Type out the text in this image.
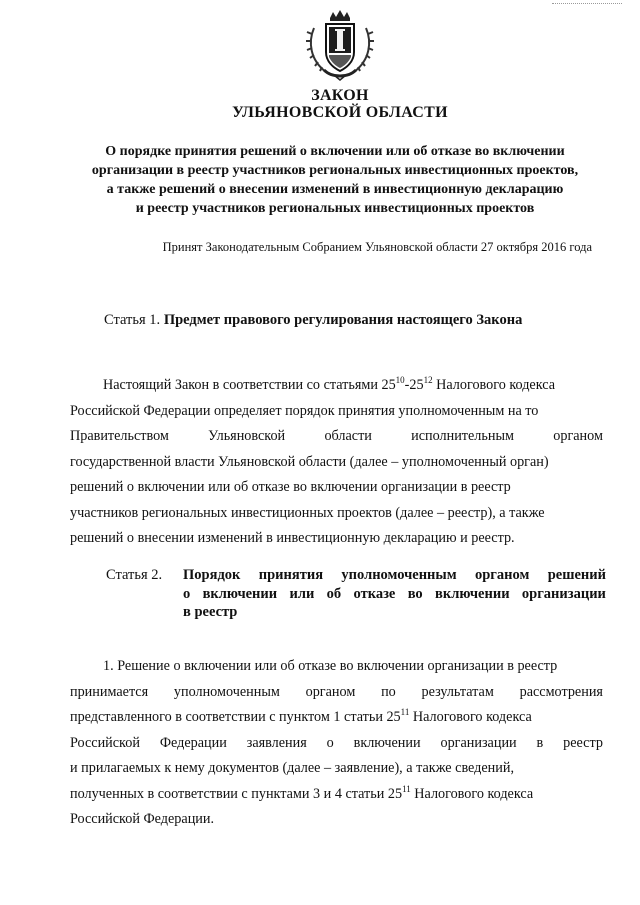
ЗАКОН
УЛЬЯНОВСКОЙ ОБЛАСТИ
О порядке принятия решений о включении или об отказе во включении
организации в реестр участников региональных инвестиционных проектов,
а также решений о внесении изменений в инвестиционную декларацию
и реестр участников региональных инвестиционных проектов
Принят Законодательным Собранием Ульяновской области 27 октября 2016 года
Статья 1. Предмет правового регулирования настоящего Закона
Настоящий Закон в соответствии со статьями $25^{10}-25^{12}$ Налогового кодекса
Российской Федерации определяет порядок принятия уполномоченным на то
Правительством	Ульяновской	области	исполнительным	органом
государственной власти Ульяновской области (далее – уполномоченный орган)
решений о включении или об отказе во включении организации в реестр
участников региональных инвестиционных проектов (далее – реестр), а также
решений о внесении изменений в инвестиционную декларацию и реестр.
Статья 2. Порядок принятия уполномоченным органом решений
о включении или об отказе во включении организации
в реестр
1. Решение о включении или об отказе во включении организации в реестр
принимается уполномоченным органом по результатам рассмотрения
представленного в соответствии с пунктом 1 статьи $25^{11}$ Налогового кодекса
Российской Федерации заявления о включении организации в реестр
и прилагаемых к нему документов (далее – заявление), а также сведений,
полученных в соответствии с пунктами 3 и 4 статьи $25^{11}$ Налогового кодекса
Российской Федерации.
